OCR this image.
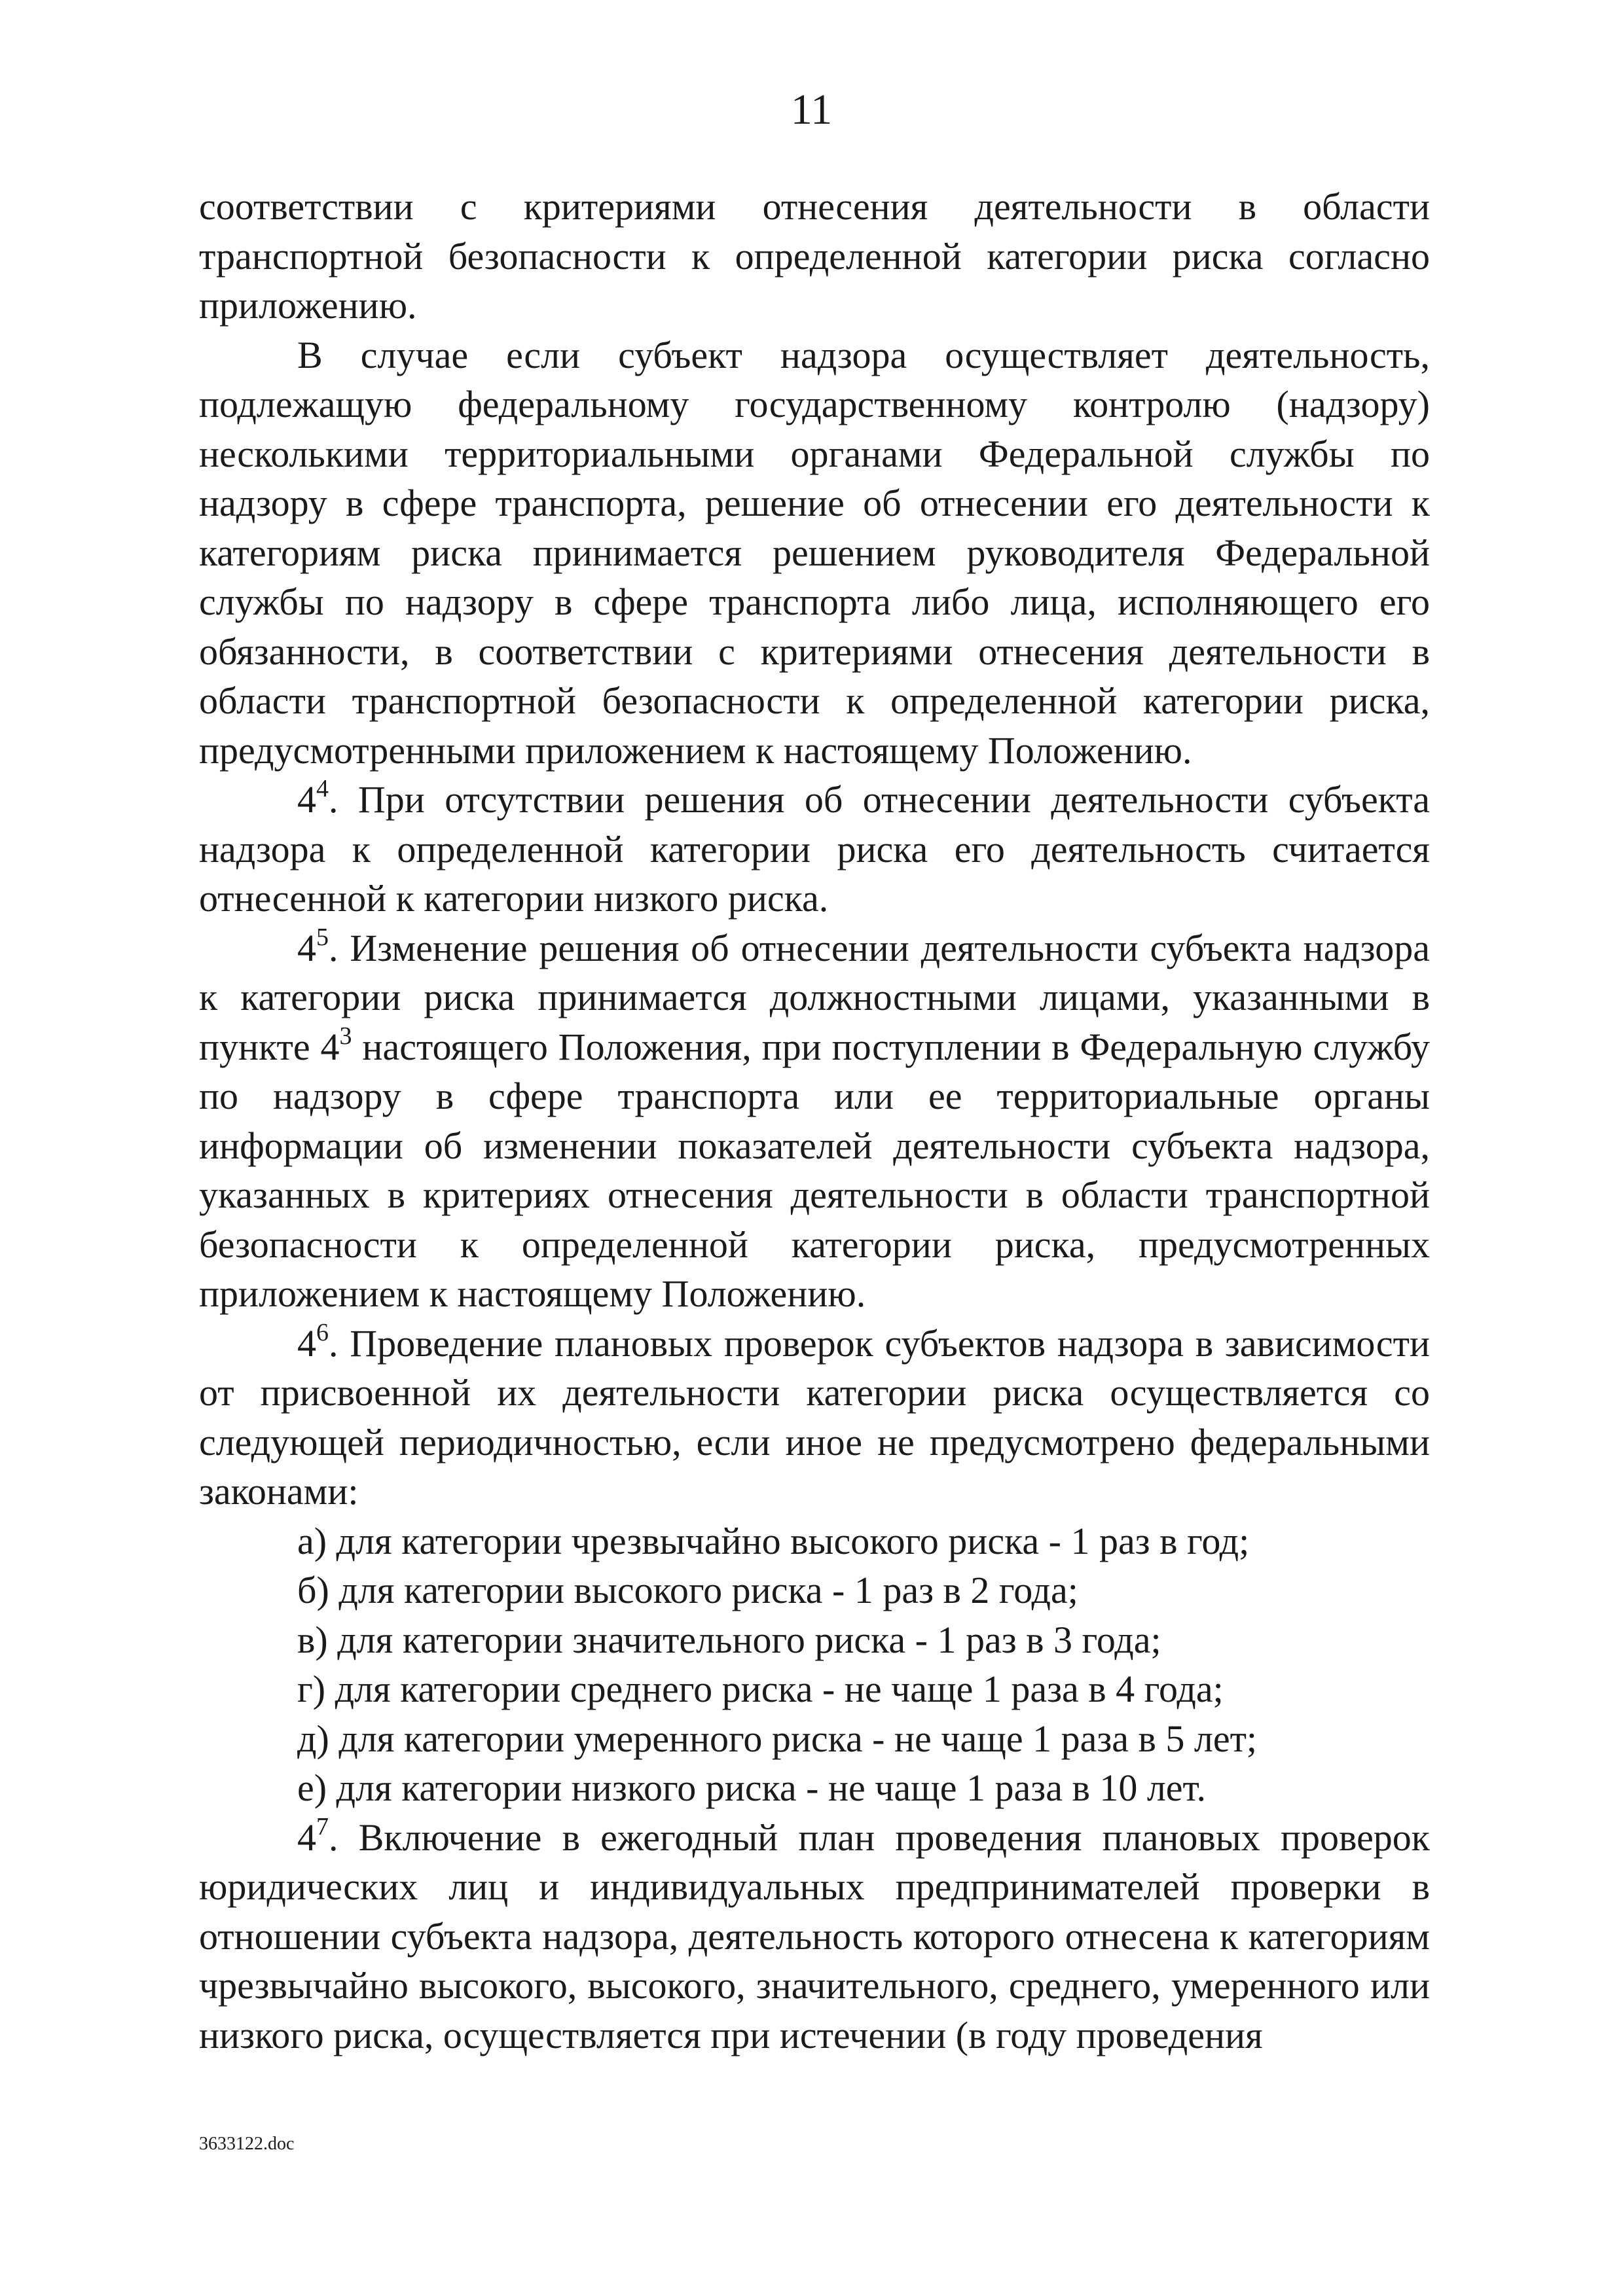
11

соответствии с критериями отнесения деятельности в области транспортной безопасности к определенной категории риска согласно приложению.

В случае если субъект надзора осуществляет деятельность, подлежащую федеральному государственному контролю (надзору) несколькими территориальными органами Федеральной службы по надзору в сфере транспорта, решение об отнесении его деятельности к категориям риска принимается решением руководителя Федеральной службы по надзору в сфере транспорта либо лица, исполняющего его обязанности, в соответствии с критериями отнесения деятельности в области транспортной безопасности к определенной категории риска, предусмотренными приложением к настоящему Положению.

$4^4$. При отсутствии решения об отнесении деятельности субъекта надзора к определенной категории риска его деятельность считается отнесенной к категории низкого риска.

$4^5$. Изменение решения об отнесении деятельности субъекта надзора к категории риска принимается должностными лицами, указанными в пункте $4^3$ настоящего Положения, при поступлении в Федеральную службу по надзору в сфере транспорта или ее территориальные органы информации об изменении показателей деятельности субъекта надзора, указанных в критериях отнесения деятельности в области транспортной безопасности к определенной категории риска, предусмотренных приложением к настоящему Положению.

$4^6$. Проведение плановых проверок субъектов надзора в зависимости от присвоенной их деятельности категории риска осуществляется со следующей периодичностью, если иное не предусмотрено федеральными законами:

а) для категории чрезвычайно высокого риска - 1 раз в год;

б) для категории высокого риска - 1 раз в 2 года;

в) для категории значительного риска - 1 раз в 3 года;

г) для категории среднего риска - не чаще 1 раза в 4 года;

д) для категории умеренного риска - не чаще 1 раза в 5 лет;

е) для категории низкого риска - не чаще 1 раза в 10 лет.

$4^7$. Включение в ежегодный план проведения плановых проверок юридических лиц и индивидуальных предпринимателей проверки в отношении субъекта надзора, деятельность которого отнесена к категориям чрезвычайно высокого, высокого, значительного, среднего, умеренного или низкого риска, осуществляется при истечении (в году проведения

3633122.doc
